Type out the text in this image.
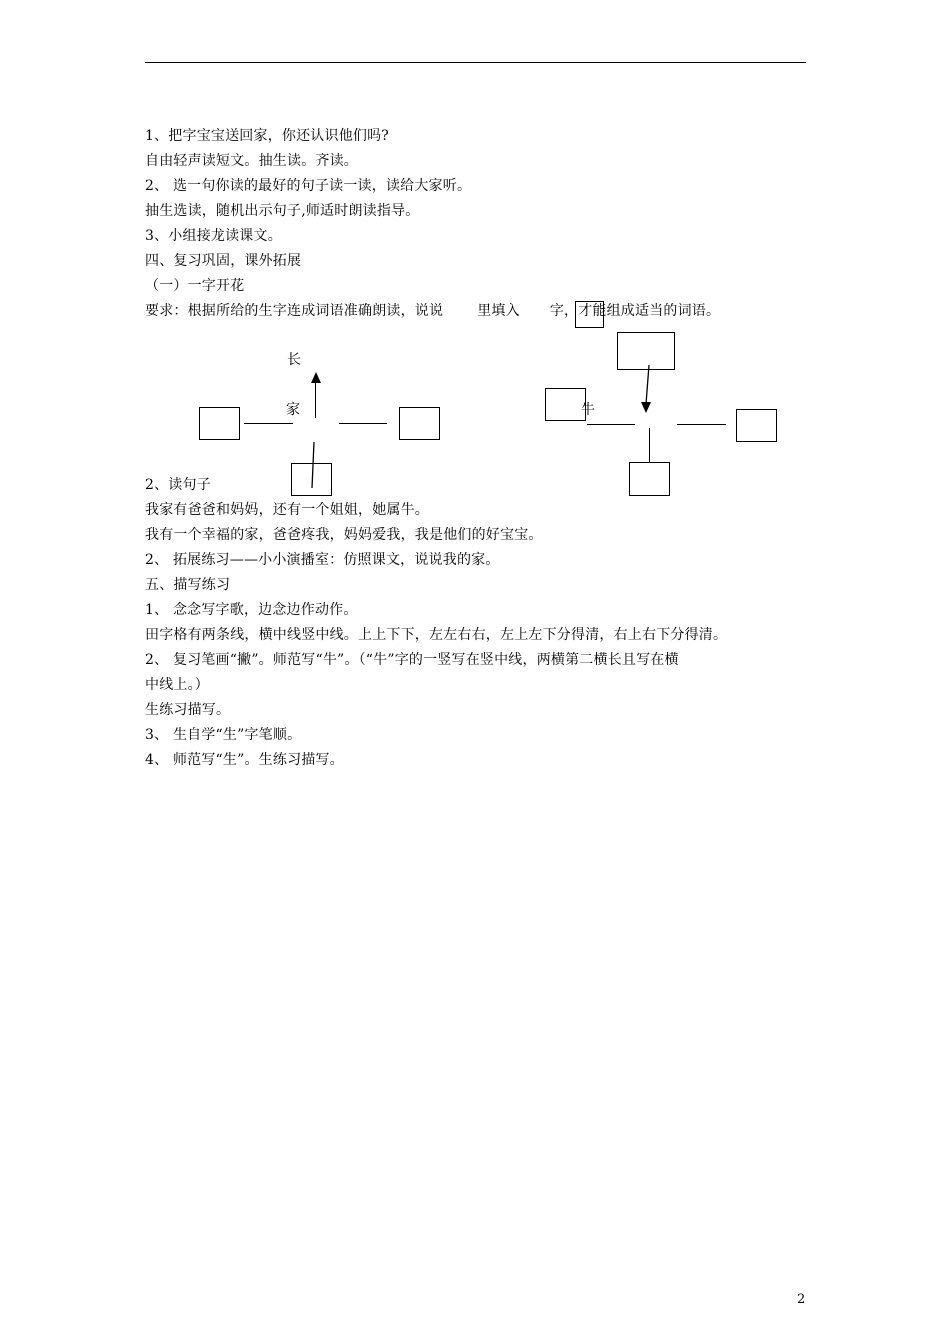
1、把字宝宝送回家，你还认识他们吗?
自由轻声读短文。抽生读。齐读。
2、 选一句你读的最好的句子读一读，读给大家听。
抽生选读，随机出示句子,师适时朗读指导。
3、小组接龙读课文。
四、复习巩固，课外拓展
（一）一字开花
要求：根据所给的生字连成词语准确朗读，说说 里填入 字，才能组成适当的词语。
长
家	牛
2、读句子
我家有爸爸和妈妈，还有一个姐姐，她属牛。
我有一个幸福的家，爸爸疼我，妈妈爱我，我是他们的好宝宝。
2、 拓展练习——小小演播室：仿照课文，说说我的家。
五、描写练习
1、 念念写字歌，边念边作动作。
田字格有两条线，横中线竖中线。上上下下，左左右右，左上左下分得清，右上右下分得清。
2、 复习笔画“撇”。师范写“牛”。（“牛”字的一竖写在竖中线，两横第二横长且写在横
中线上。）
生练习描写。
3、 生自学“生”字笔顺。
4、 师范写“生”。生练习描写。
2
